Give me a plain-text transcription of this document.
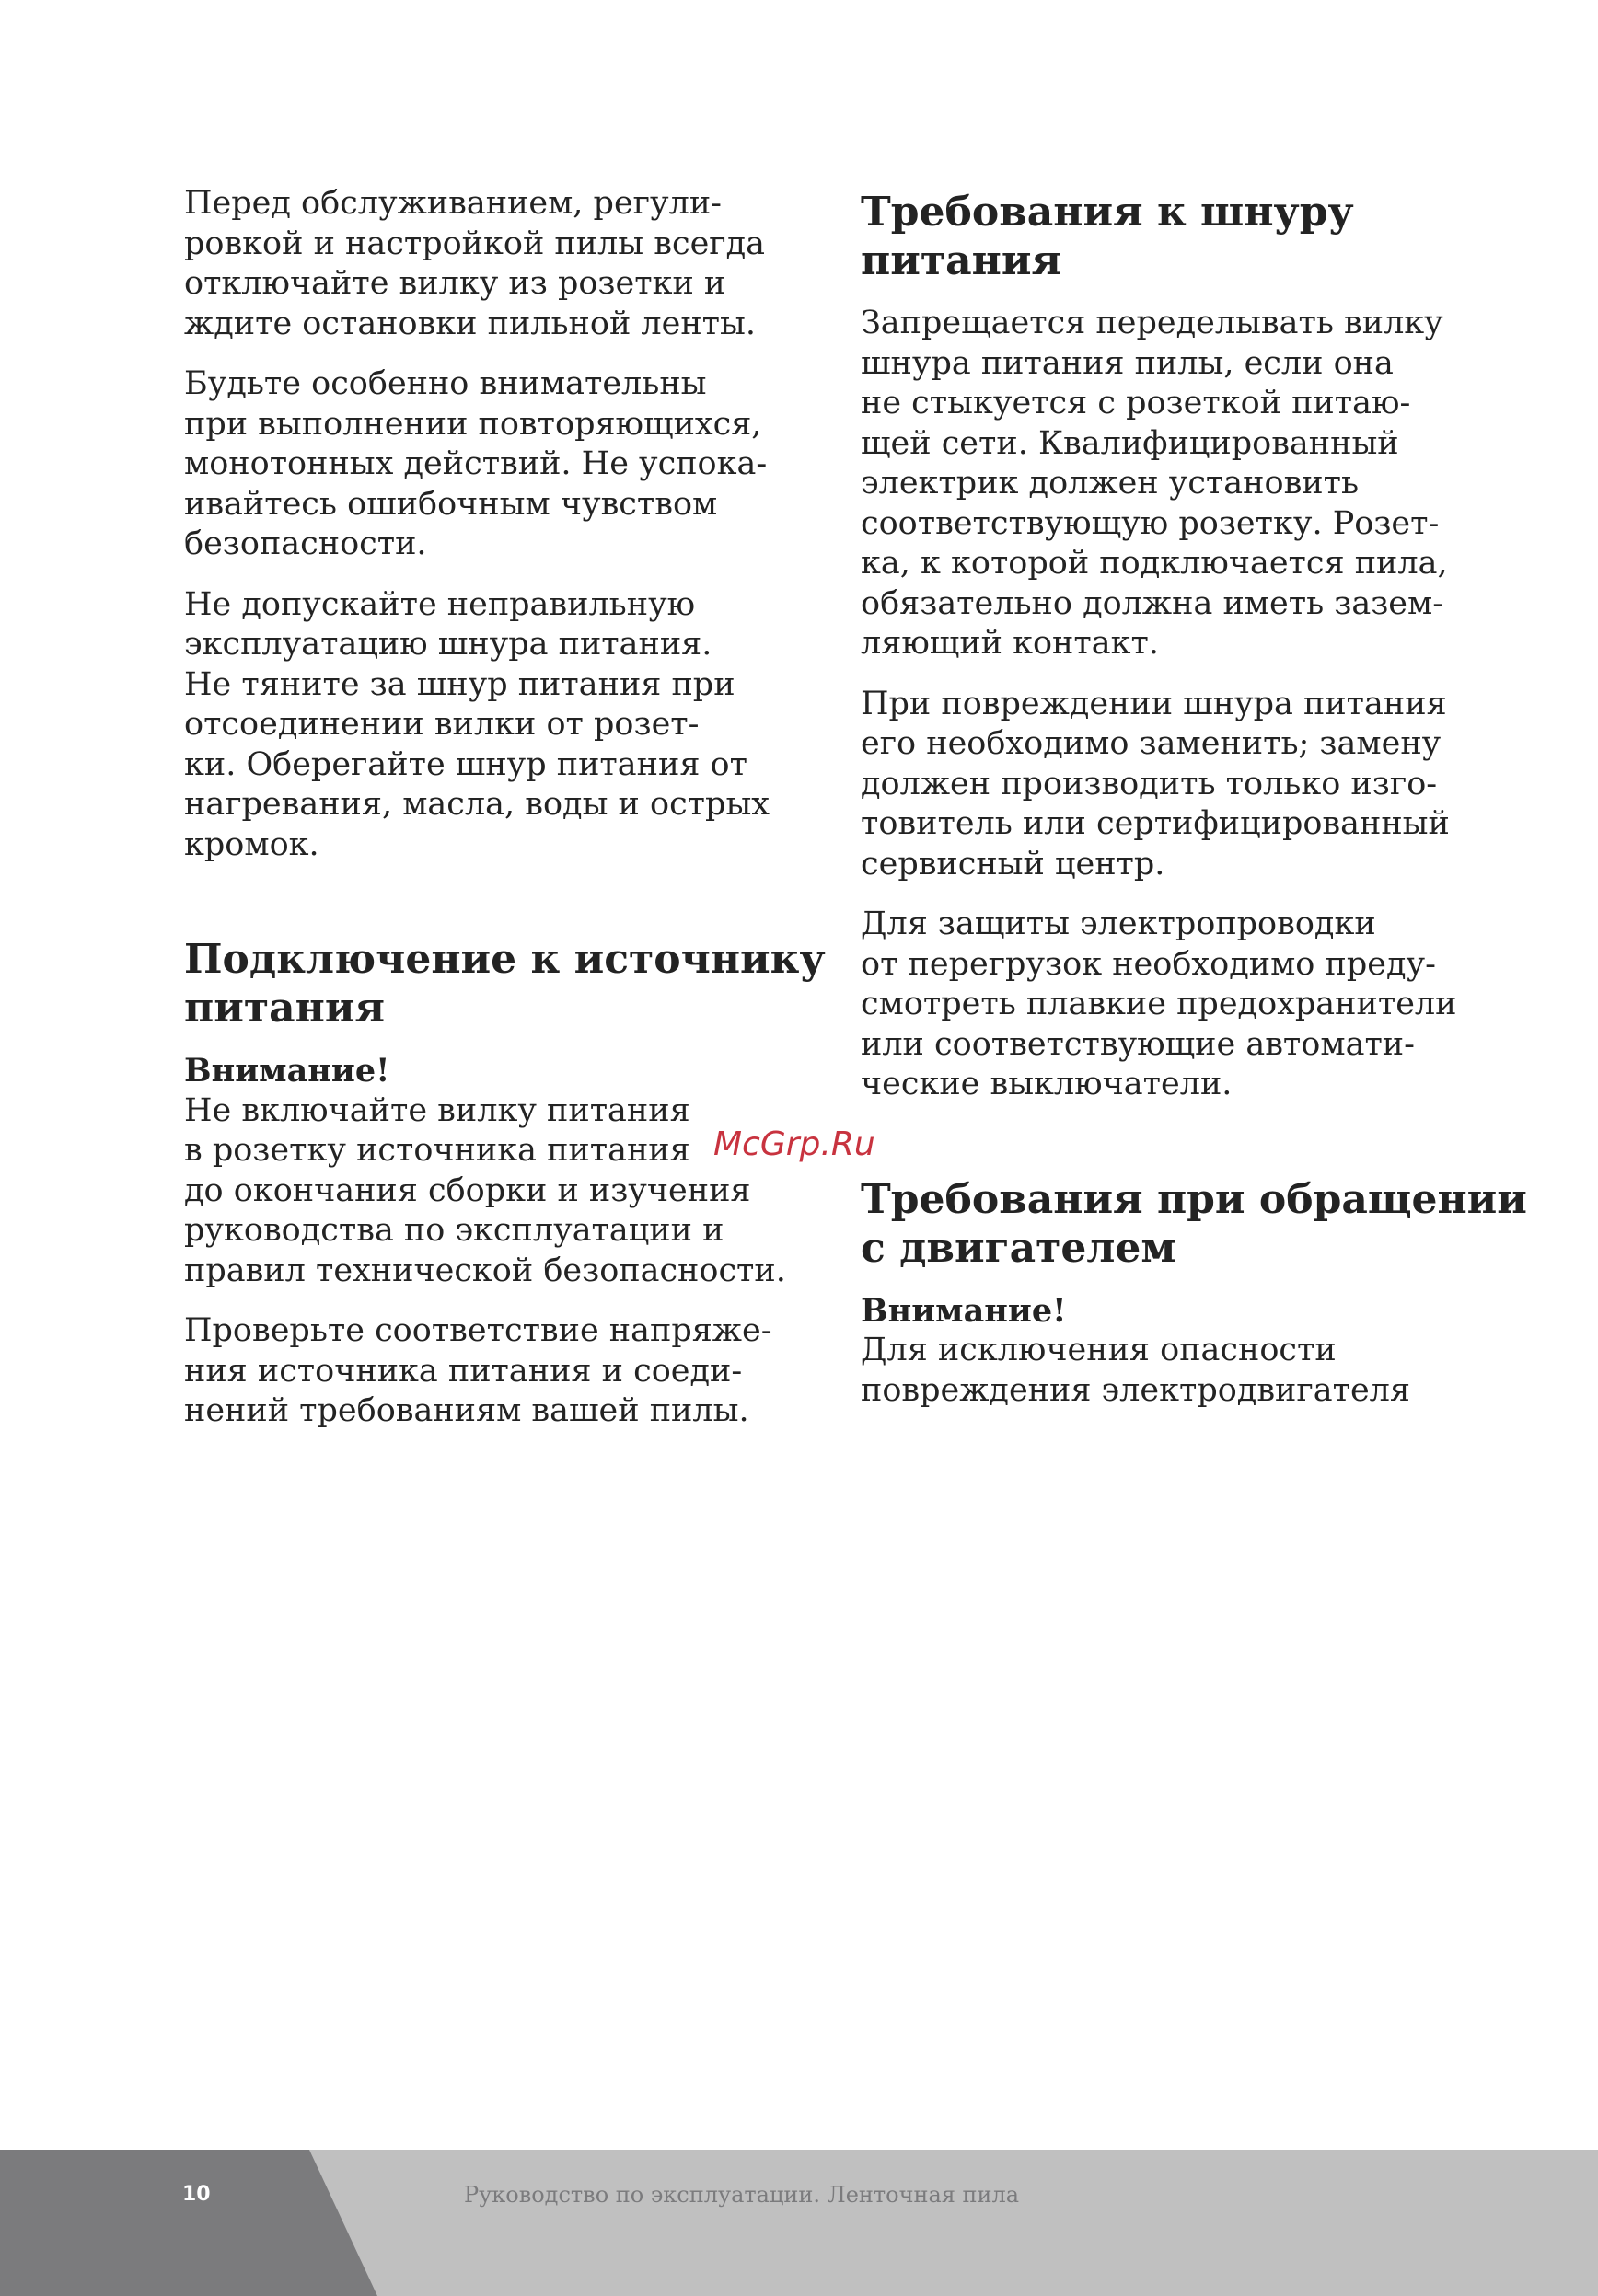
Перед обслуживанием, регули-
ровкой и настройкой пилы всегда
отключайте вилку из розетки и
ждите остановки пильной ленты.

Будьте особенно внимательны
при выполнении повторяющихся,
монотонных действий. Не успока-
ивайтесь ошибочным чувством
безопасности.

Не допускайте неправильную
эксплуатацию шнура питания.
Не тяните за шнур питания при
отсоединении вилки от розет-
ки. Оберегайте шнур питания от
нагревания, масла, воды и острых
кромок.

Подключение к источнику
питания

Внимание!
Не включайте вилку питания
в розетку источника питания
до окончания сборки и изучения
руководства по эксплуатации и
правил технической безопасности.

Проверьте соответствие напряже-
ния источника питания и соеди-
нений требованиям вашей пилы.

Требования к шнуру
питания

Запрещается переделывать вилку
шнура питания пилы, если она
не стыкуется с розеткой питаю-
щей сети. Квалифицированный
электрик должен установить
соответствующую розетку. Розет-
ка, к которой подключается пила,
обязательно должна иметь зазем-
ляющий контакт.

При повреждении шнура питания
его необходимо заменить; замену
должен производить только изго-
товитель или сертифицированный
сервисный центр.

Для защиты электропроводки
от перегрузок необходимо преду-
смотреть плавкие предохранители
или соответствующие автомати-
ческие выключатели.

Требования при обращении
с двигателем

Внимание!
Для исключения опасности
повреждения электродвигателя

McGrp.Ru
10	Руководство по эксплуатации. Ленточная пила
